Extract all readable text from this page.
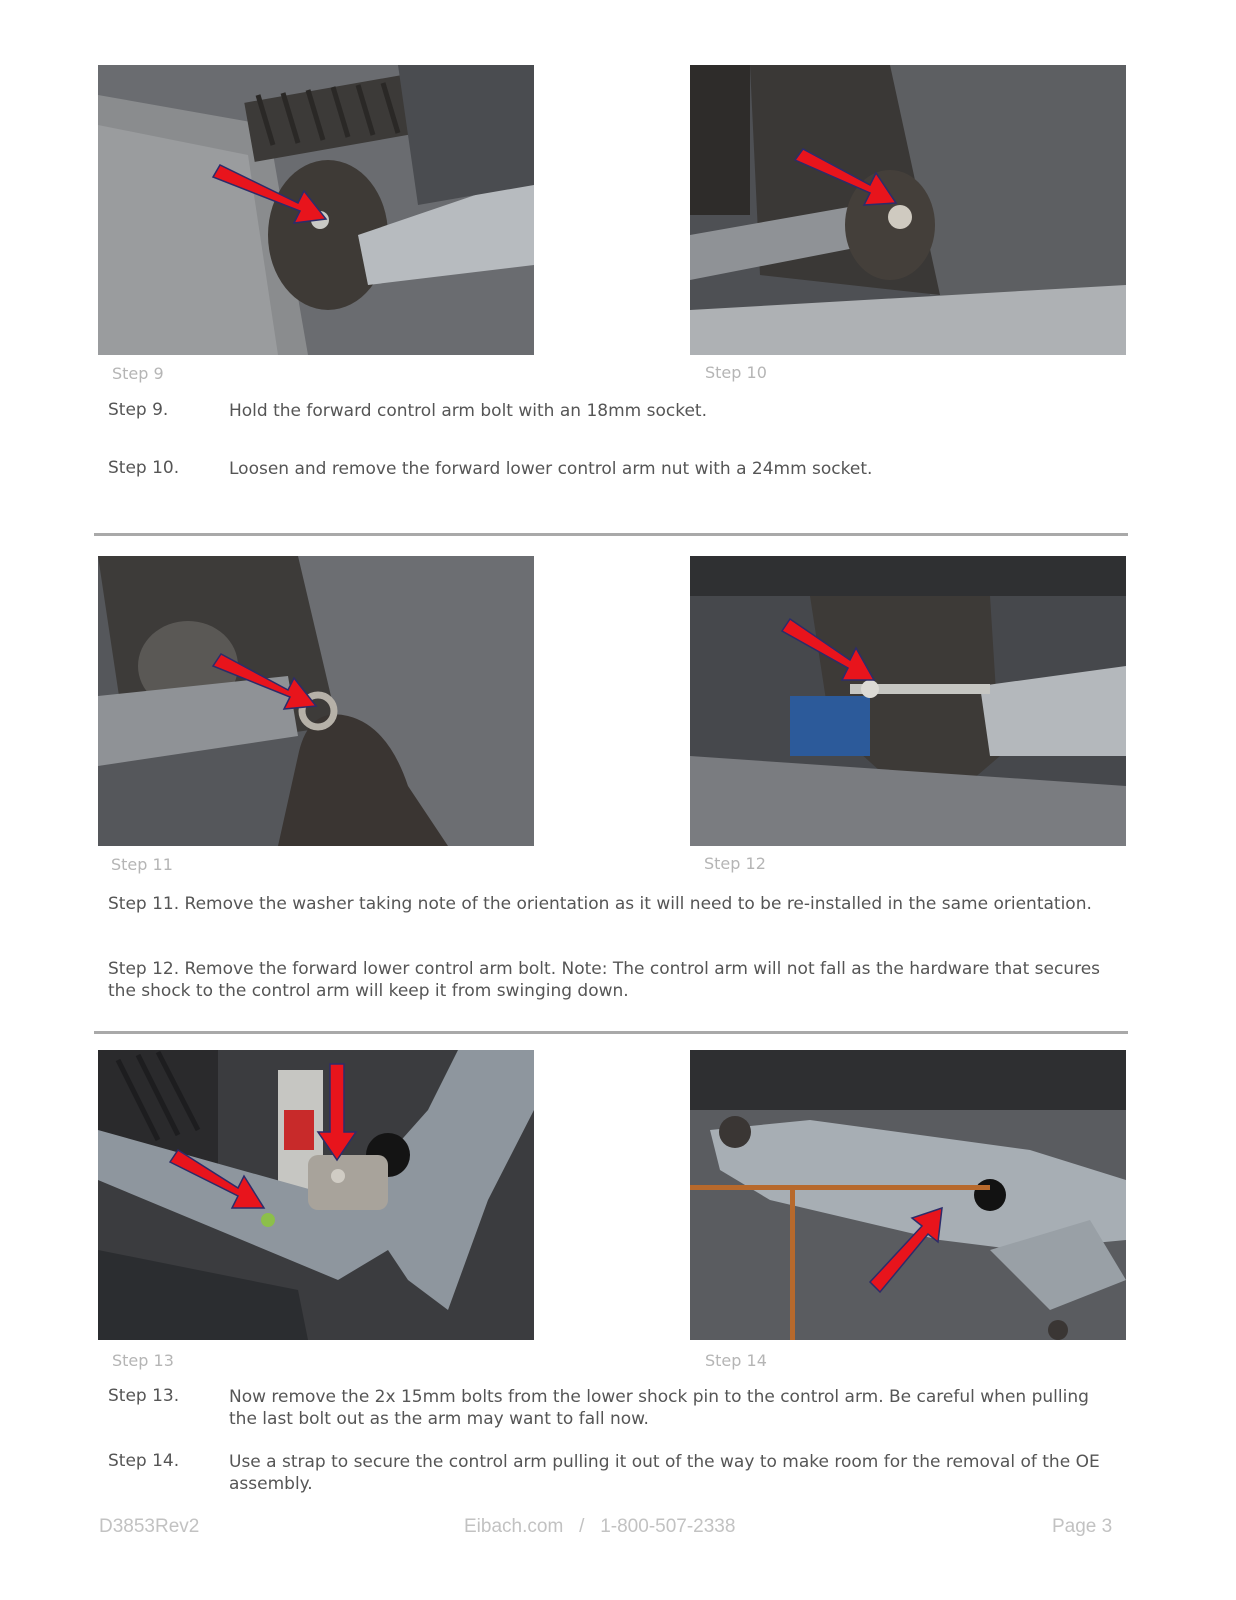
Step 9	Step 10
Step 9.	Hold the forward control arm bolt with an 18mm socket.
Step 10.	Loosen and remove the forward lower control arm nut with a 24mm socket.
Step 11	Step 12
Step 11. Remove the washer taking note of the orientation as it will need to be re-installed in the same orientation.
Step 12. Remove the forward lower control arm bolt. Note: The control arm will not fall as the hardware that secures the shock to the control arm will keep it from swinging down.
Step 13	Step 14
Step 13.	Now remove the 2x 15mm bolts from the lower shock pin to the control arm. Be careful when pulling the last bolt out as the arm may want to fall now.
Step 14.	Use a strap to secure the control arm pulling it out of the way to make room for the removal of the OE assembly.
D3853Rev2	Eibach.com   /   1-800-507-2338	Page 3
